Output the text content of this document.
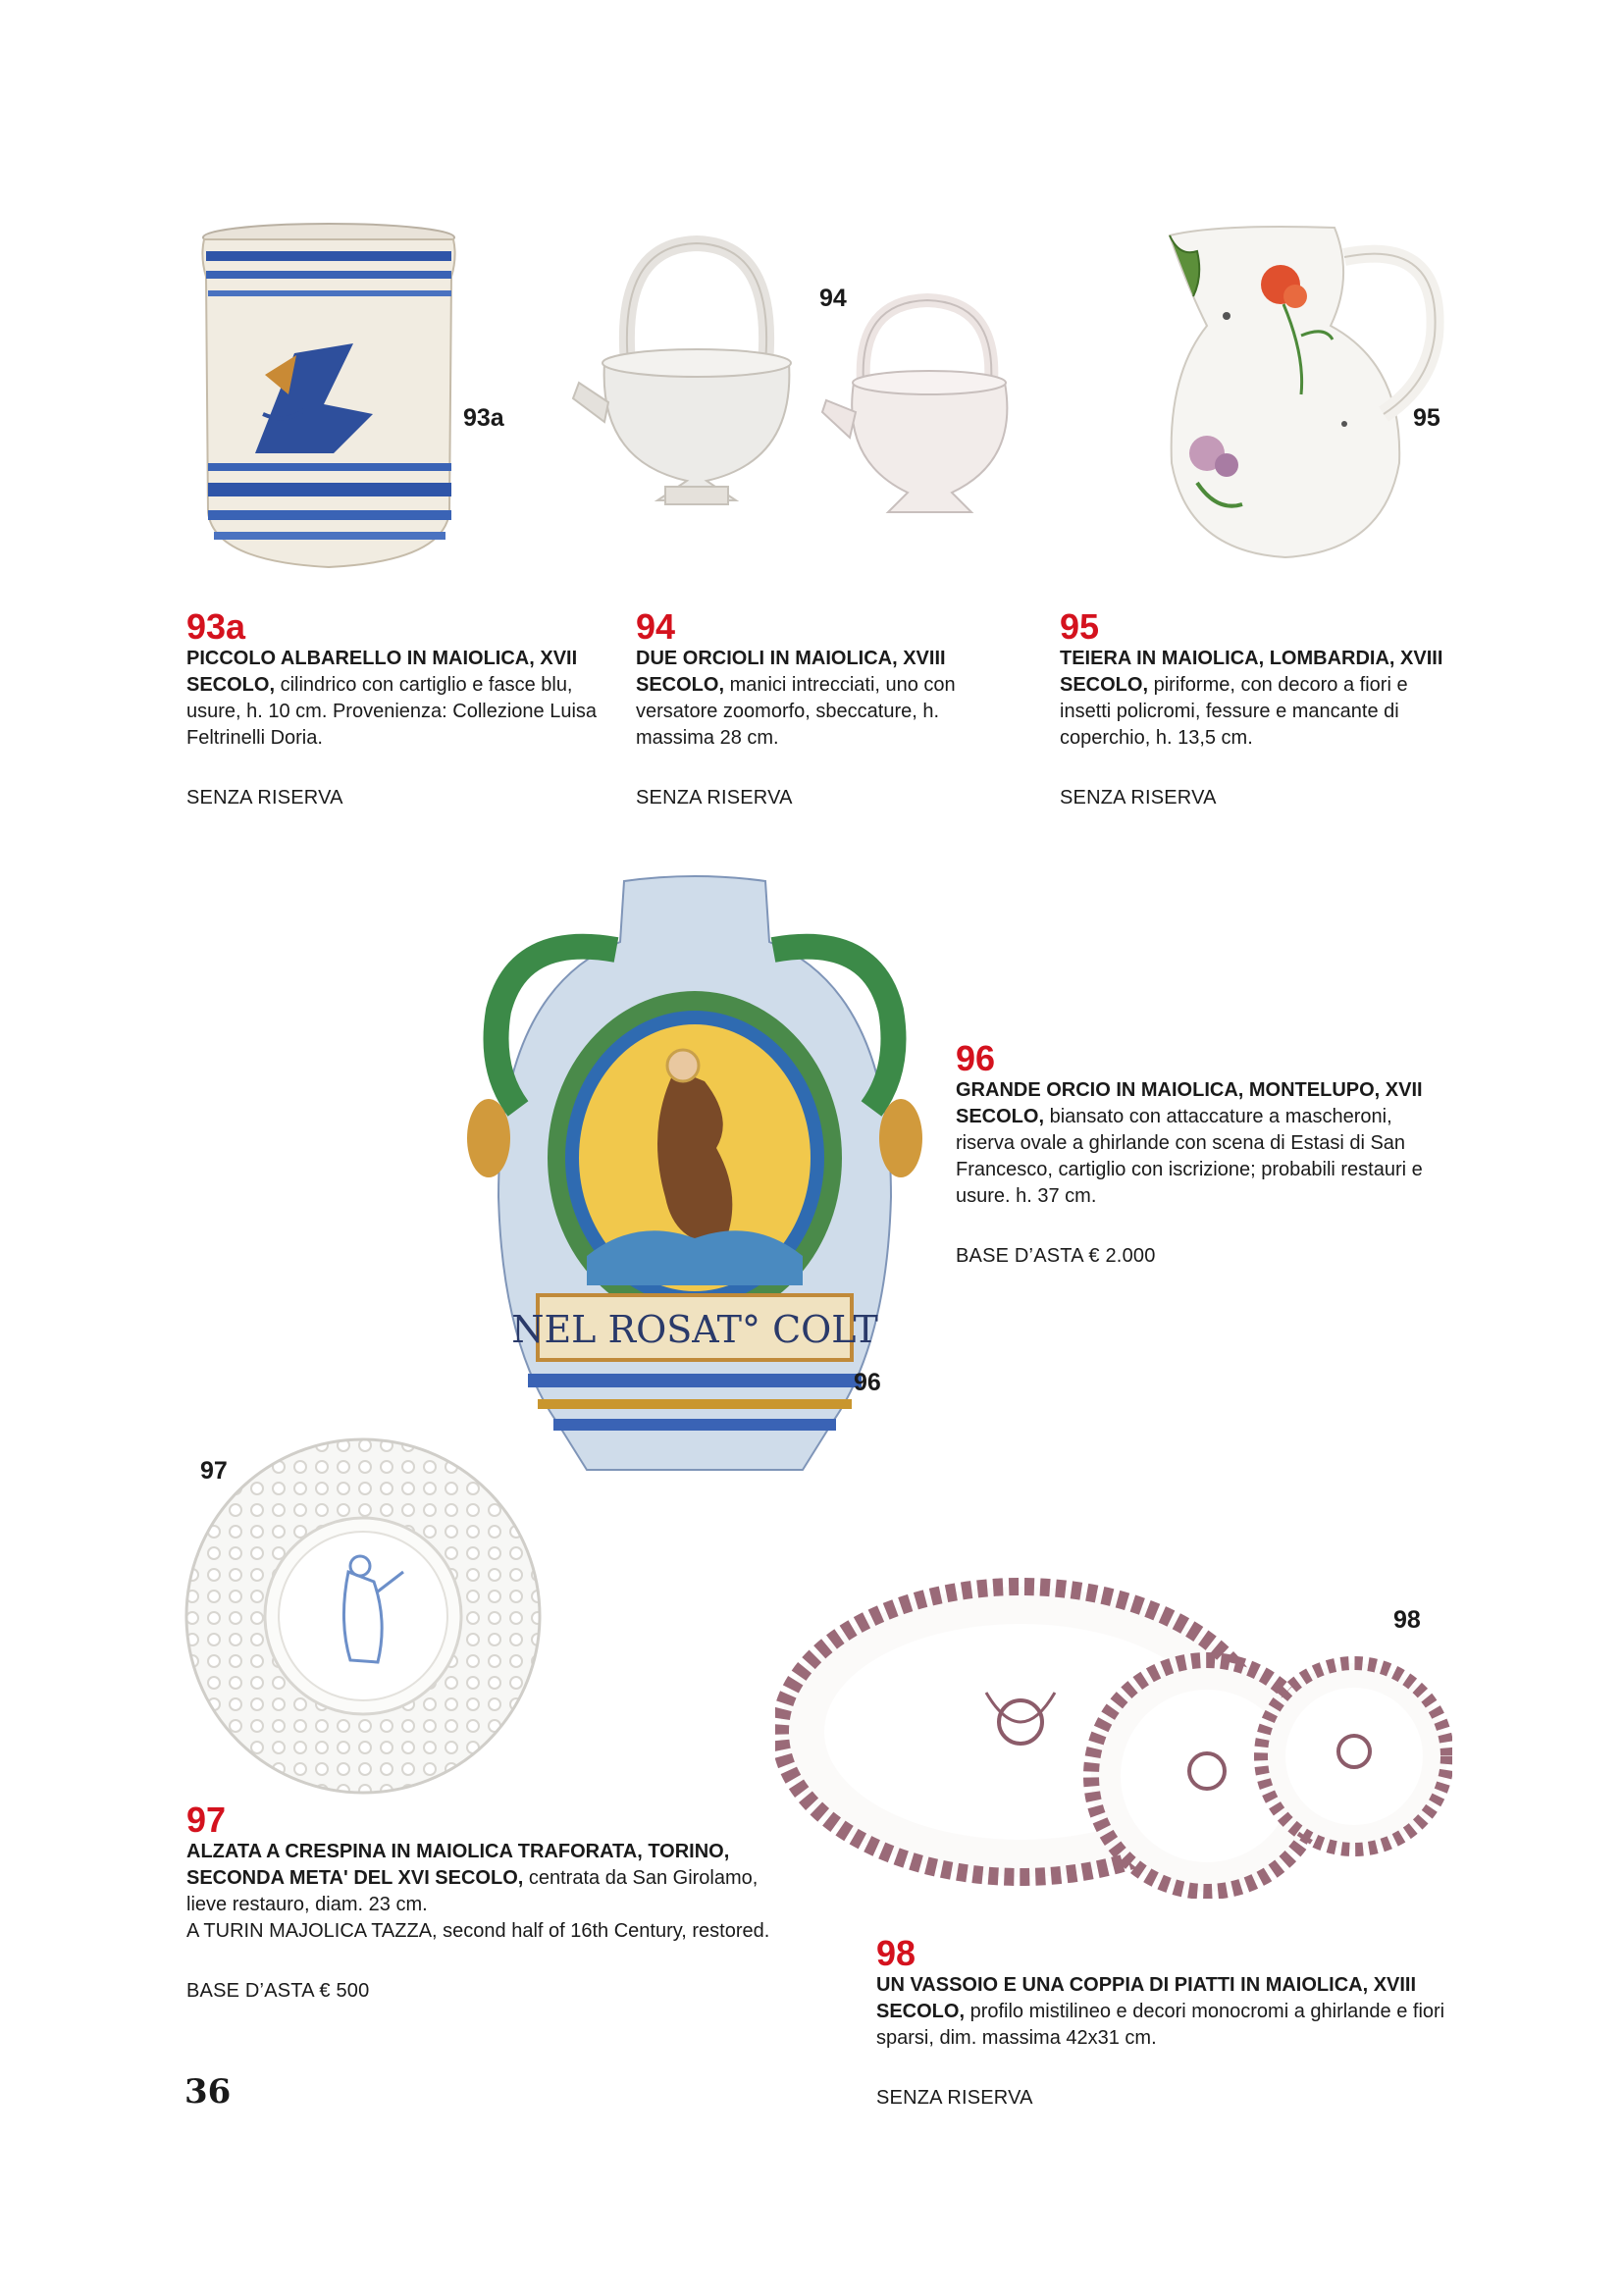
93a
94
95
NEL ROSAT° COLT
96
97
98
93a
PICCOLO ALBARELLO IN MAIOLICA, XVII SECOLO, cilindrico con cartiglio e fasce blu, usure, h. 10 cm. Provenienza: Collezione Luisa Feltrinelli Doria.
SENZA RISERVA
94
DUE ORCIOLI IN MAIOLICA, XVIII SECOLO, manici intrecciati, uno con versatore zoomorfo, sbeccature, h. massima 28 cm.
SENZA RISERVA
95
TEIERA IN MAIOLICA, LOMBARDIA, XVIII SECOLO, piriforme, con decoro a fiori e insetti policromi, fessure e mancante di coperchio, h. 13,5 cm.
SENZA RISERVA
96
GRANDE ORCIO IN MAIOLICA, MONTELUPO, XVII SECOLO, biansato con attaccature a mascheroni, riserva ovale a ghirlande con scena di Estasi di San Francesco, cartiglio con iscrizione; probabili restauri e usure. h. 37 cm.
BASE D’ASTA € 2.000
97
ALZATA A CRESPINA IN MAIOLICA TRAFORATA, TORINO, SECONDA META' DEL XVI SECOLO, centrata da San Girolamo, lieve restauro, diam. 23 cm.
A TURIN MAJOLICA TAZZA, second half of 16th Century, restored.
BASE D’ASTA € 500
98
UN VASSOIO E UNA COPPIA DI PIATTI IN MAIOLICA, XVIII SECOLO, profilo mistilineo e decori monocromi a ghirlande e fiori sparsi, dim. massima 42x31 cm.
SENZA RISERVA
36
